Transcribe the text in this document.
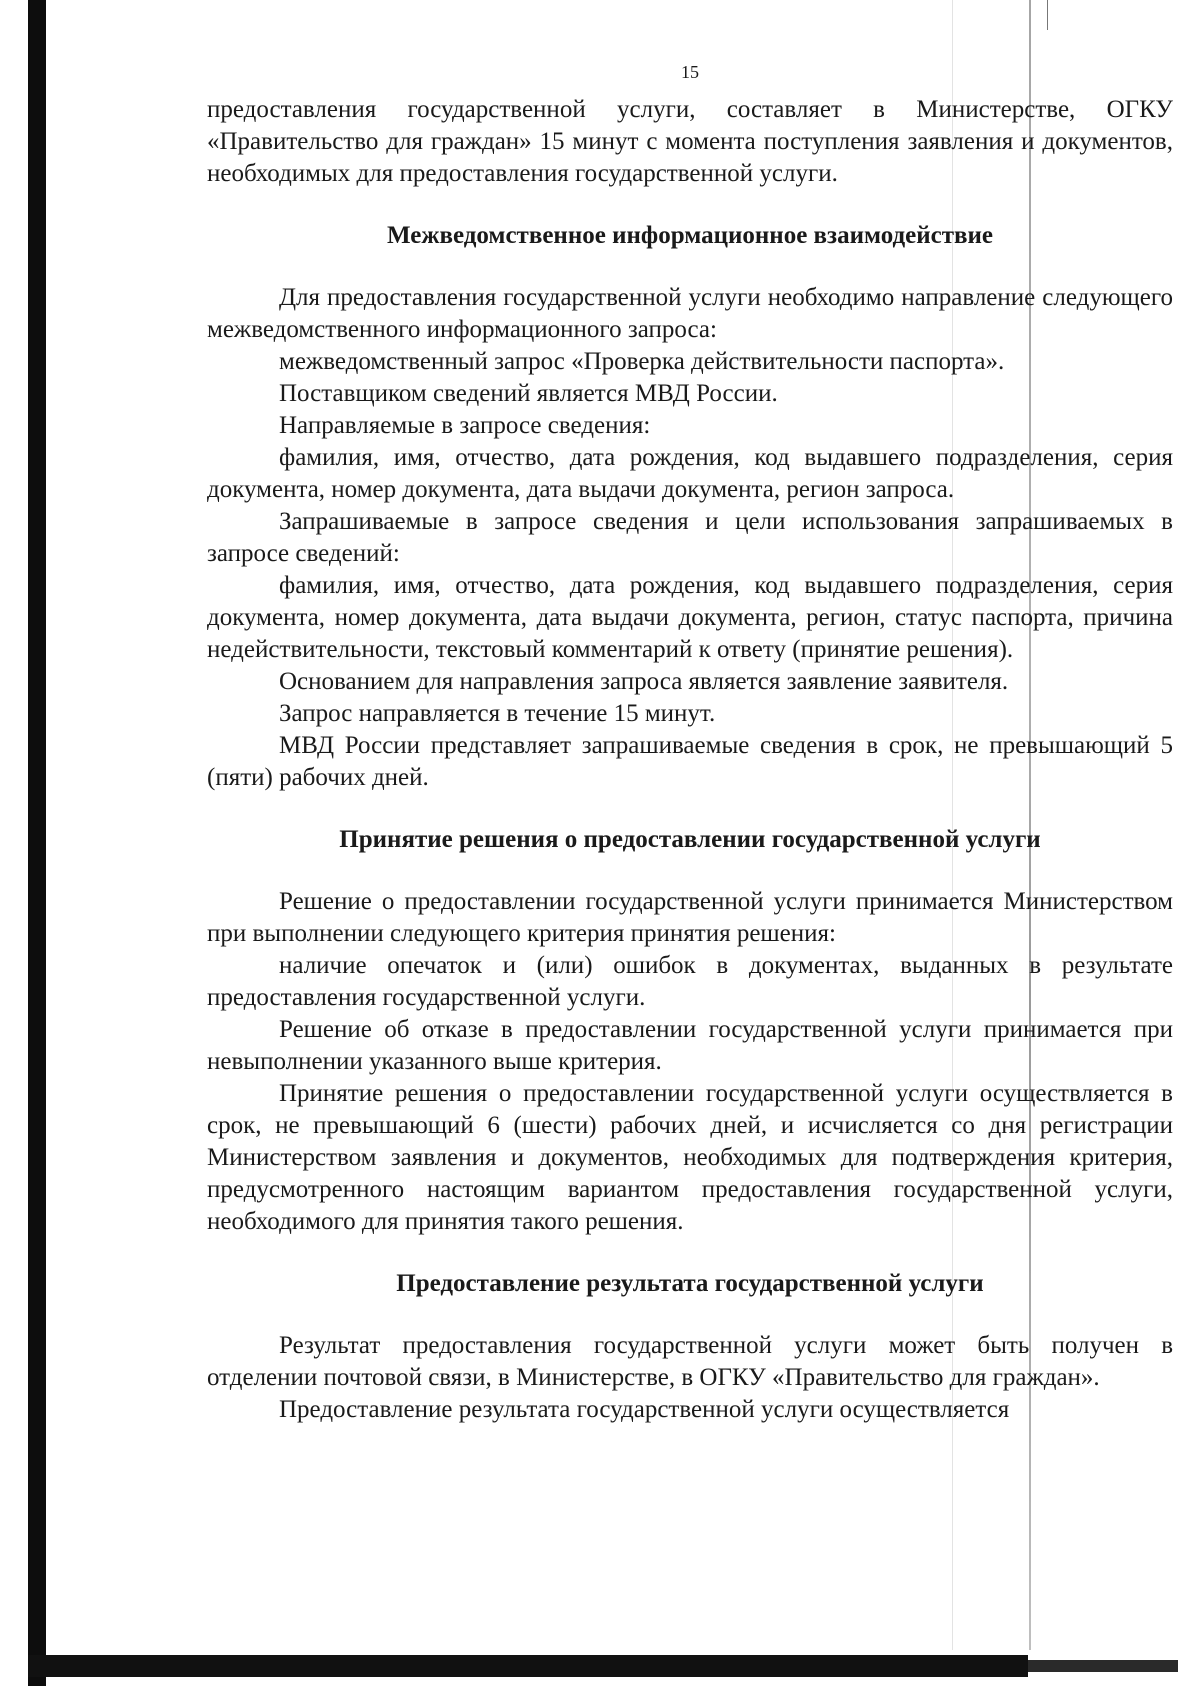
15

предоставления государственной услуги, составляет в Министерстве, ОГКУ «Правительство для граждан» 15 минут с момента поступления заявления и документов, необходимых для предоставления государственной услуги.

Межведомственное информационное взаимодействие

Для предоставления государственной услуги необходимо направление следующего межведомственного информационного запроса:

межведомственный запрос «Проверка действительности паспорта».

Поставщиком сведений является МВД России.

Направляемые в запросе сведения:

фамилия, имя, отчество, дата рождения, код выдавшего подразделения, серия документа, номер документа, дата выдачи документа, регион запроса.

Запрашиваемые в запросе сведения и цели использования запрашиваемых в запросе сведений:

фамилия, имя, отчество, дата рождения, код выдавшего подразделения, серия документа, номер документа, дата выдачи документа, регион, статус паспорта, причина недействительности, текстовый комментарий к ответу (принятие решения).

Основанием для направления запроса является заявление заявителя.

Запрос направляется в течение 15 минут.

МВД России представляет запрашиваемые сведения в срок, не превышающий 5 (пяти) рабочих дней.

Принятие решения о предоставлении государственной услуги

Решение о предоставлении государственной услуги принимается Министерством при выполнении следующего критерия принятия решения:

наличие опечаток и (или) ошибок в документах, выданных в результате предоставления государственной услуги.

Решение об отказе в предоставлении государственной услуги принимается при невыполнении указанного выше критерия.

Принятие решения о предоставлении государственной услуги осуществляется в срок, не превышающий 6 (шести) рабочих дней, и исчисляется со дня регистрации Министерством заявления и документов, необходимых для подтверждения критерия, предусмотренного настоящим вариантом предоставления государственной услуги, необходимого для принятия такого решения.

Предоставление результата государственной услуги

Результат предоставления государственной услуги может быть получен в отделении почтовой связи, в Министерстве, в ОГКУ «Правительство для граждан».

Предоставление результата государственной услуги осуществляется
